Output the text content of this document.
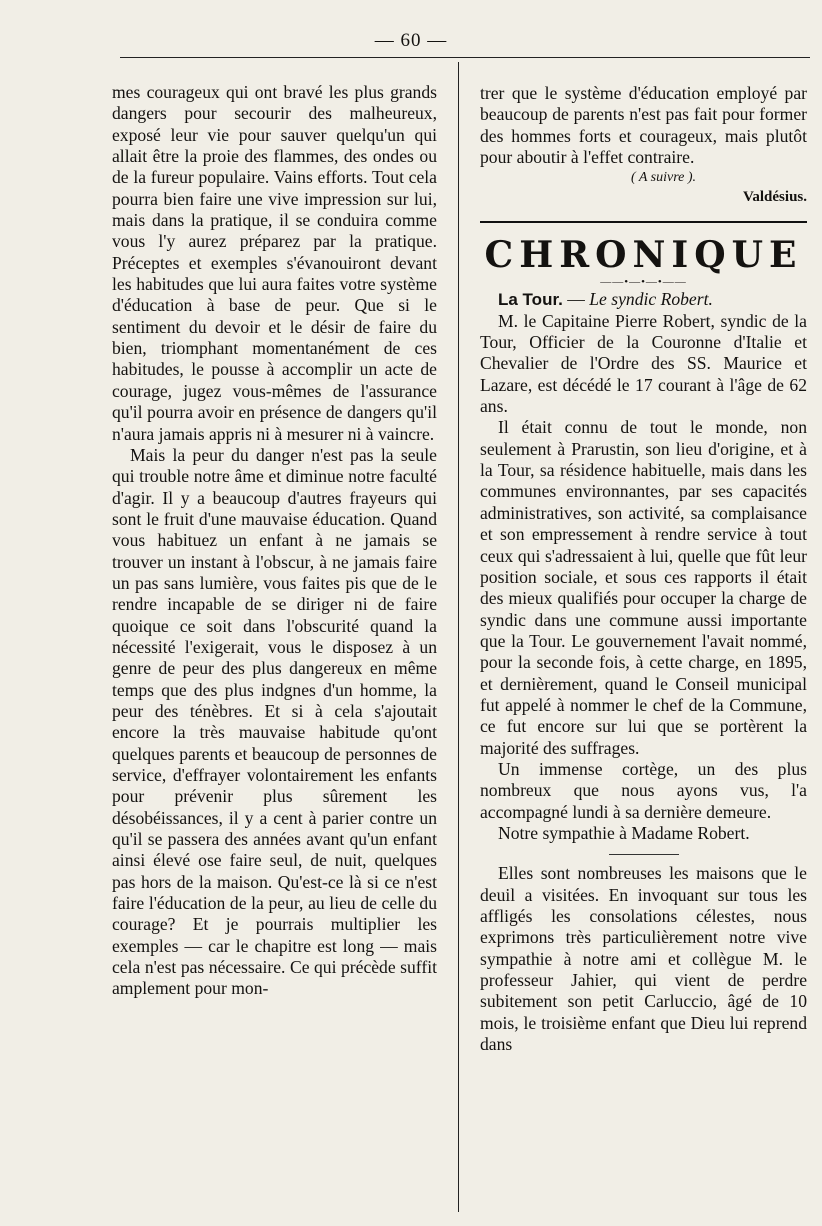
— 60 —

mes courageux qui ont bravé les plus grands dangers pour secourir des malheureux, exposé leur vie pour sauver quelqu'un qui allait être la proie des flammes, des ondes ou de la fureur populaire. Vains efforts. Tout cela pourra bien faire une vive impression sur lui, mais dans la pratique, il se conduira comme vous l'y aurez préparez par la pratique. Préceptes et exemples s'évanouiront devant les habitudes que lui aura faites votre système d'éducation à base de peur. Que si le sentiment du devoir et le désir de faire du bien, triomphant momentanément de ces habitudes, le pousse à accomplir un acte de courage, jugez vous-mêmes de l'assurance qu'il pourra avoir en présence de dangers qu'il n'aura jamais appris ni à mesurer ni à vaincre.

Mais la peur du danger n'est pas la seule qui trouble notre âme et diminue notre faculté d'agir. Il y a beaucoup d'autres frayeurs qui sont le fruit d'une mauvaise éducation. Quand vous habituez un enfant à ne jamais se trouver un instant à l'obscur, à ne jamais faire un pas sans lumière, vous faites pis que de le rendre incapable de se diriger ni de faire quoique ce soit dans l'obscurité quand la nécessité l'exigerait, vous le disposez à un genre de peur des plus dangereux en même temps que des plus indgnes d'un homme, la peur des ténèbres. Et si à cela s'ajoutait encore la très mauvaise habitude qu'ont quelques parents et beaucoup de personnes de service, d'effrayer volontairement les enfants pour prévenir plus sûrement les désobéissances, il y a cent à parier contre un qu'il se passera des années avant qu'un enfant ainsi élevé ose faire seul, de nuit, quelques pas hors de la maison. Qu'est-ce là si ce n'est faire l'éducation de la peur, au lieu de celle du courage? Et je pourrais multiplier les exemples — car le chapitre est long — mais cela n'est pas nécessaire. Ce qui précède suffit amplement pour mon-

trer que le système d'éducation employé par beaucoup de parents n'est pas fait pour former des hommes forts et courageux, mais plutôt pour aboutir à l'effet contraire.

( A suivre ).
Valdésius.
CHRONIQUE
——•—•—•——

La Tour. — Le syndic Robert.

M. le Capitaine Pierre Robert, syndic de la Tour, Officier de la Couronne d'Italie et Chevalier de l'Ordre des SS. Maurice et Lazare, est décédé le 17 courant à l'âge de 62 ans.

Il était connu de tout le monde, non seulement à Prarustin, son lieu d'origine, et à la Tour, sa résidence habituelle, mais dans les communes environnantes, par ses capacités administratives, son activité, sa complaisance et son empressement à rendre service à tout ceux qui s'adressaient à lui, quelle que fût leur position sociale, et sous ces rapports il était des mieux qualifiés pour occuper la charge de syndic dans une commune aussi importante que la Tour. Le gouvernement l'avait nommé, pour la seconde fois, à cette charge, en 1895, et dernièrement, quand le Conseil municipal fut appelé à nommer le chef de la Commune, ce fut encore sur lui que se portèrent la majorité des suffrages.

Un immense cortège, un des plus nombreux que nous ayons vus, l'a accompagné lundi à sa dernière demeure.

Notre sympathie à Madame Robert.

Elles sont nombreuses les maisons que le deuil a visitées. En invoquant sur tous les affligés les consolations célestes, nous exprimons très particulièrement notre vive sympathie à notre ami et collègue M. le professeur Jahier, qui vient de perdre subitement son petit Carluccio, âgé de 10 mois, le troisième enfant que Dieu lui reprend dans
